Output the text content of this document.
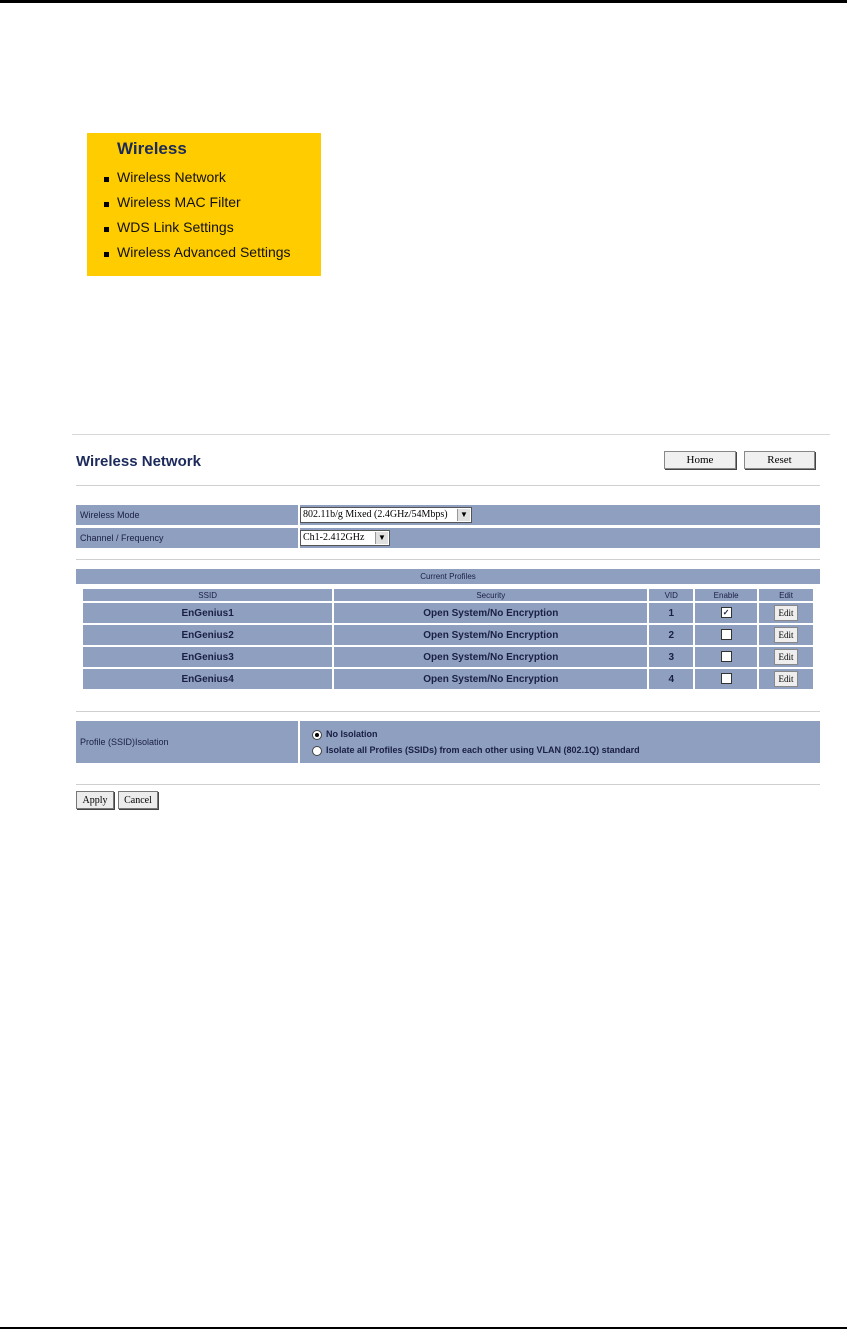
Wireless
Wireless Network
Wireless MAC Filter
WDS Link Settings
Wireless Advanced Settings
Wireless Network	Home	Reset
Wireless Mode	802.11b/g Mixed (2.4GHz/54Mbps)	▼
Channel / Frequency	Ch1-2.412GHz	▼
Current Profiles
SSID	Security	VID	Enable	Edit
EnGenius1	Open System/No Encryption	1	✓	Edit
EnGenius2	Open System/No Encryption	2		Edit
EnGenius3	Open System/No Encryption	3		Edit
EnGenius4	Open System/No Encryption	4		Edit
Profile (SSID)Isolation
No Isolation
Isolate all Profiles (SSIDs) from each other using VLAN (802.1Q) standard
Apply	Cancel
